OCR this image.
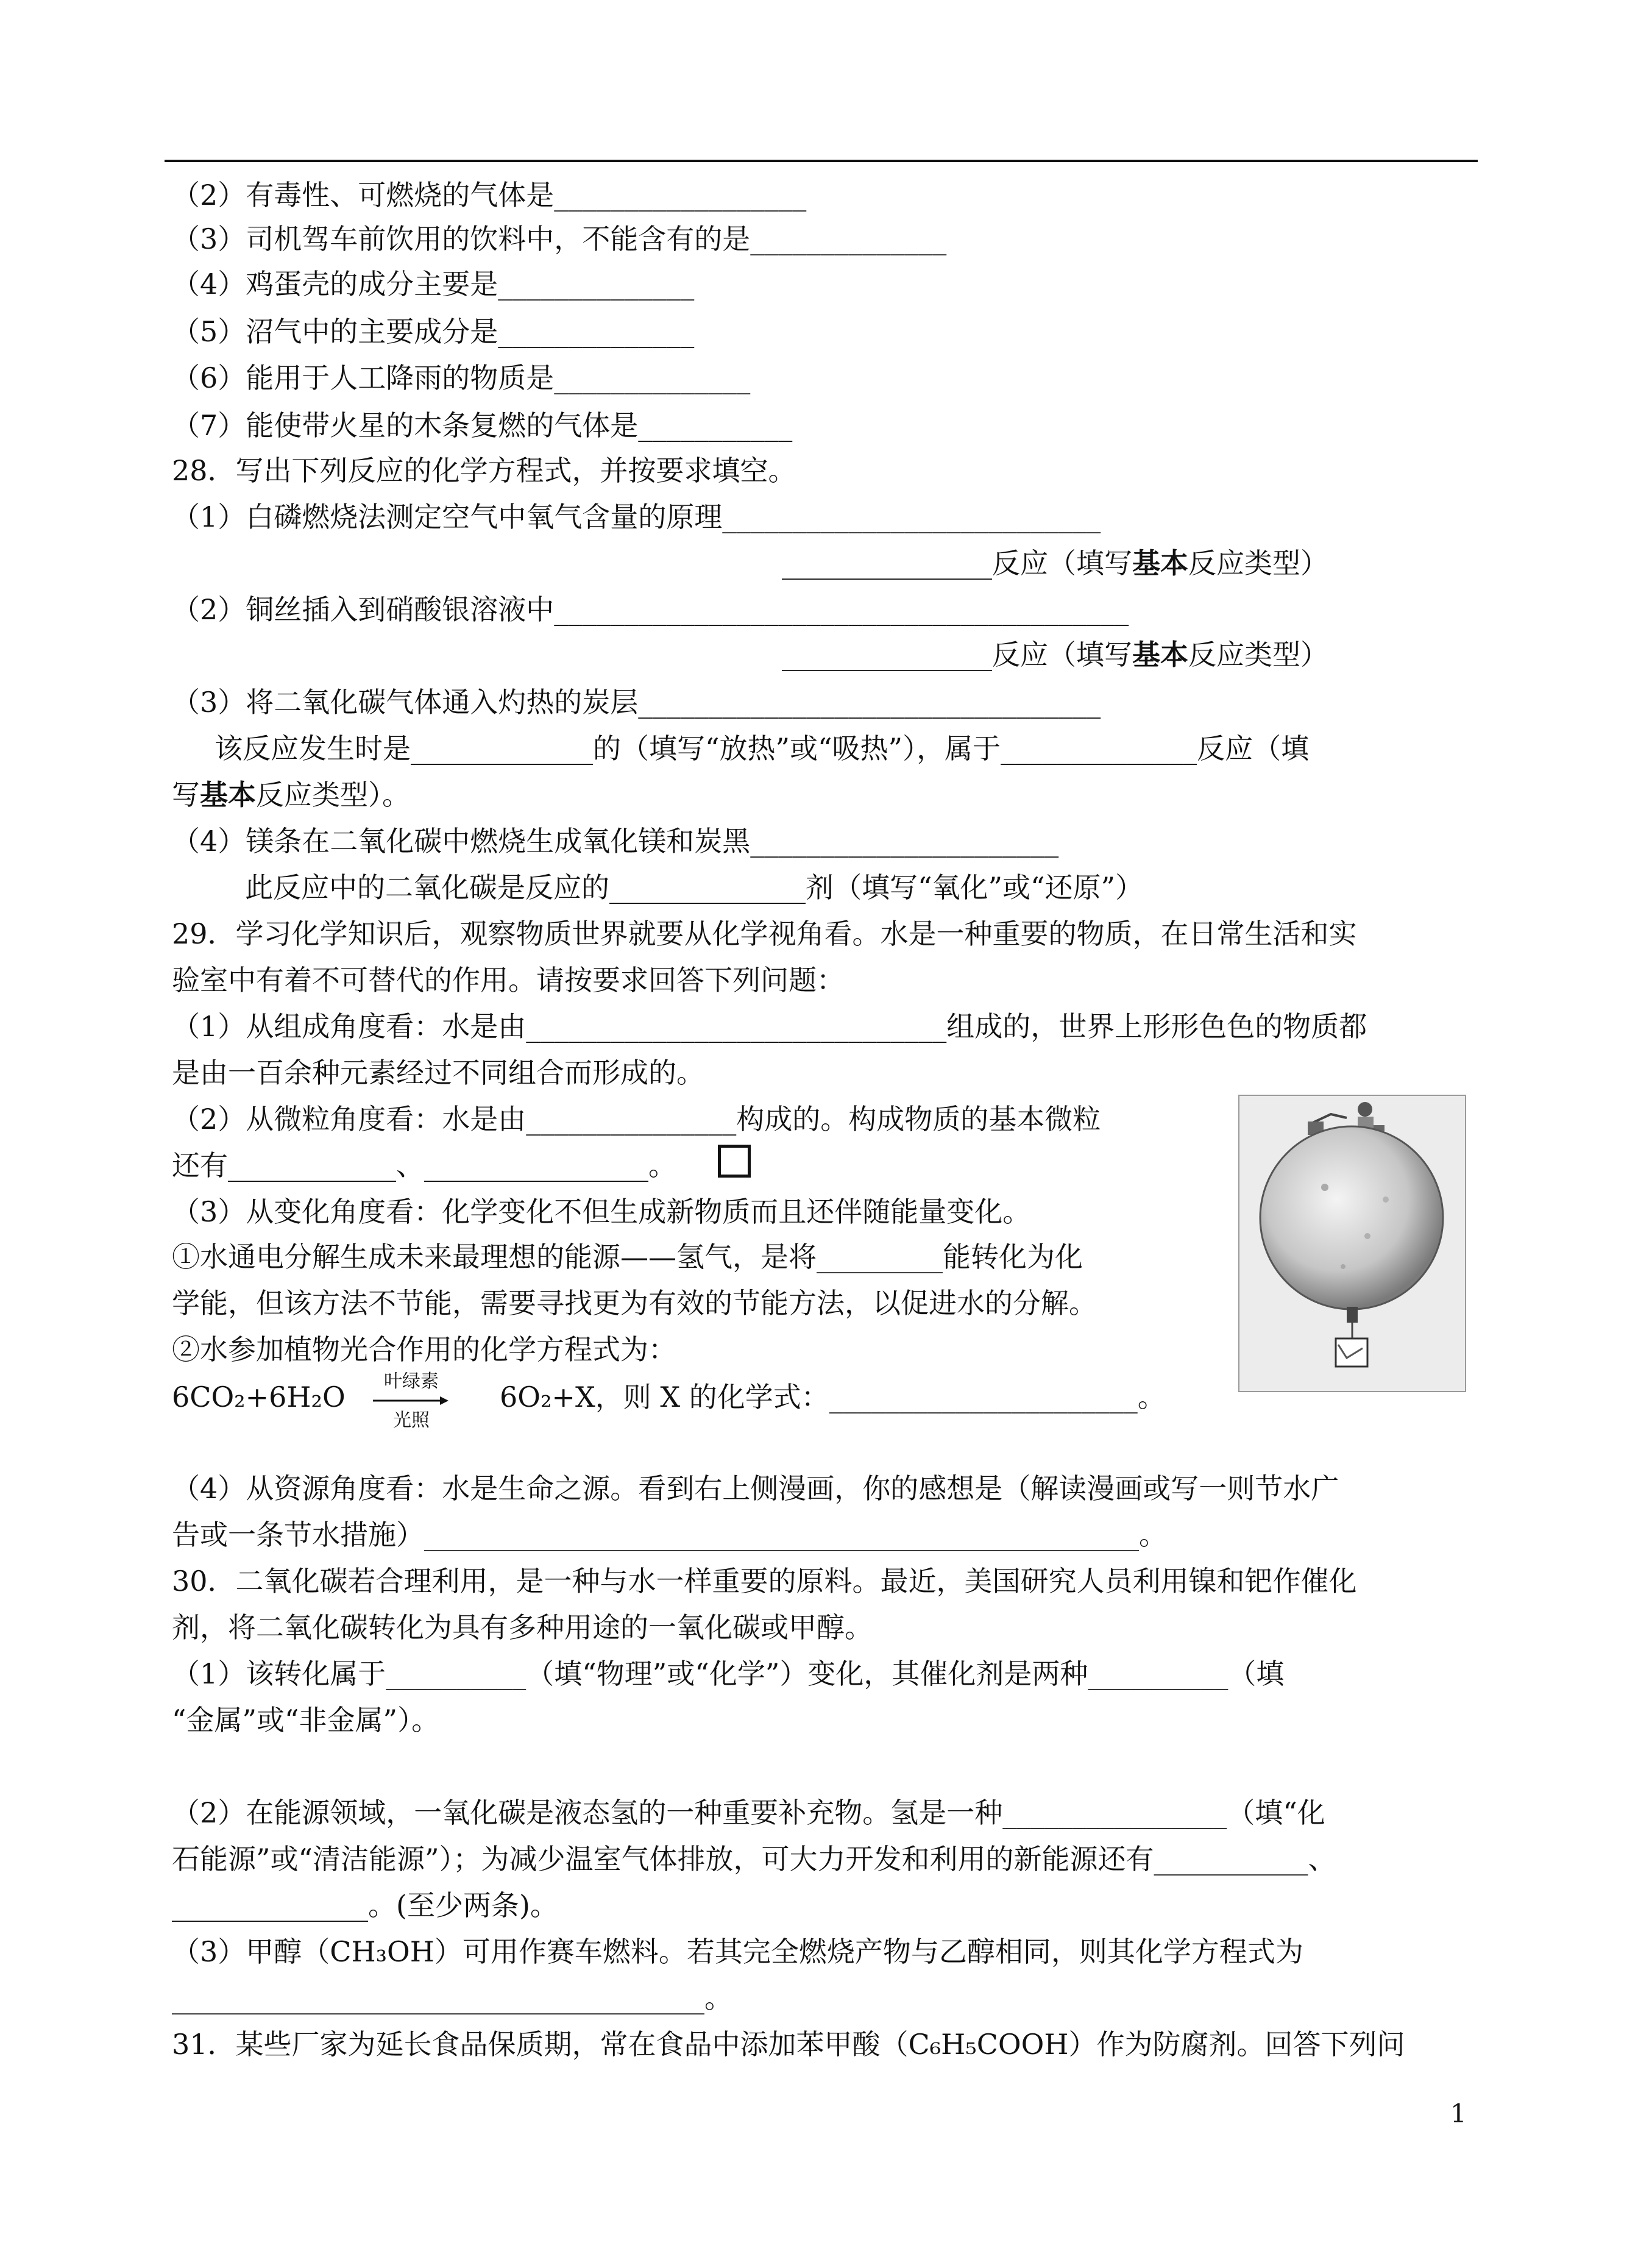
（2）有毒性、可燃烧的气体是__________________
（3）司机驾车前饮用的饮料中，不能含有的是______________
（4）鸡蛋壳的成分主要是______________
（5）沼气中的主要成分是______________
（6）能用于人工降雨的物质是______________
（7）能使带火星的木条复燃的气体是___________
28．写出下列反应的化学方程式，并按要求填空。
（1）白磷燃烧法测定空气中氧气含量的原理___________________________
_______________反应（填写基本反应类型）
（2）铜丝插入到硝酸银溶液中_________________________________________
_______________反应（填写基本反应类型）
（3）将二氧化碳气体通入灼热的炭层_________________________________
该反应发生时是_____________的（填写“放热”或“吸热”），属于______________反应（填
写基本反应类型）。
（4）镁条在二氧化碳中燃烧生成氧化镁和炭黑______________________
此反应中的二氧化碳是反应的______________剂（填写“氧化”或“还原”）
29．学习化学知识后，观察物质世界就要从化学视角看。水是一种重要的物质，在日常生活和实
验室中有着不可替代的作用。请按要求回答下列问题：
（1）从组成角度看：水是由______________________________组成的，世界上形形色色的物质都
是由一百余种元素经过不同组合而形成的。
（2）从微粒角度看：水是由_______________构成的。构成物质的基本微粒
还有____________、________________。
（3）从变化角度看：化学变化不但生成新物质而且还伴随能量变化。
①水通电分解生成未来最理想的能源——氢气，是将_________能转化为化
学能，但该方法不节能，需要寻找更为有效的节能方法，以促进水的分解。
②水参加植物光合作用的化学方程式为：
6CO₂+6H₂O	叶绿素
光照
6O₂+X，则 X 的化学式：______________________。
（4）从资源角度看：水是生命之源。看到右上侧漫画，你的感想是（解读漫画或写一则节水广
告或一条节水措施）___________________________________________________。
30．二氧化碳若合理利用，是一种与水一样重要的原料。最近，美国研究人员利用镍和钯作催化
剂，将二氧化碳转化为具有多种用途的一氧化碳或甲醇。
（1）该转化属于__________（填“物理”或“化学”）变化，其催化剂是两种__________（填
“金属”或“非金属”）。
（2）在能源领域，一氧化碳是液态氢的一种重要补充物。氢是一种________________（填“化
石能源”或“清洁能源”）；为减少温室气体排放，可大力开发和利用的新能源还有___________、
______________。(至少两条)。
（3）甲醇（CH₃OH）可用作赛车燃料。若其完全燃烧产物与乙醇相同，则其化学方程式为
______________________________________。
31．某些厂家为延长食品保质期，常在食品中添加苯甲酸（C₆H₅COOH）作为防腐剂。回答下列问
1
